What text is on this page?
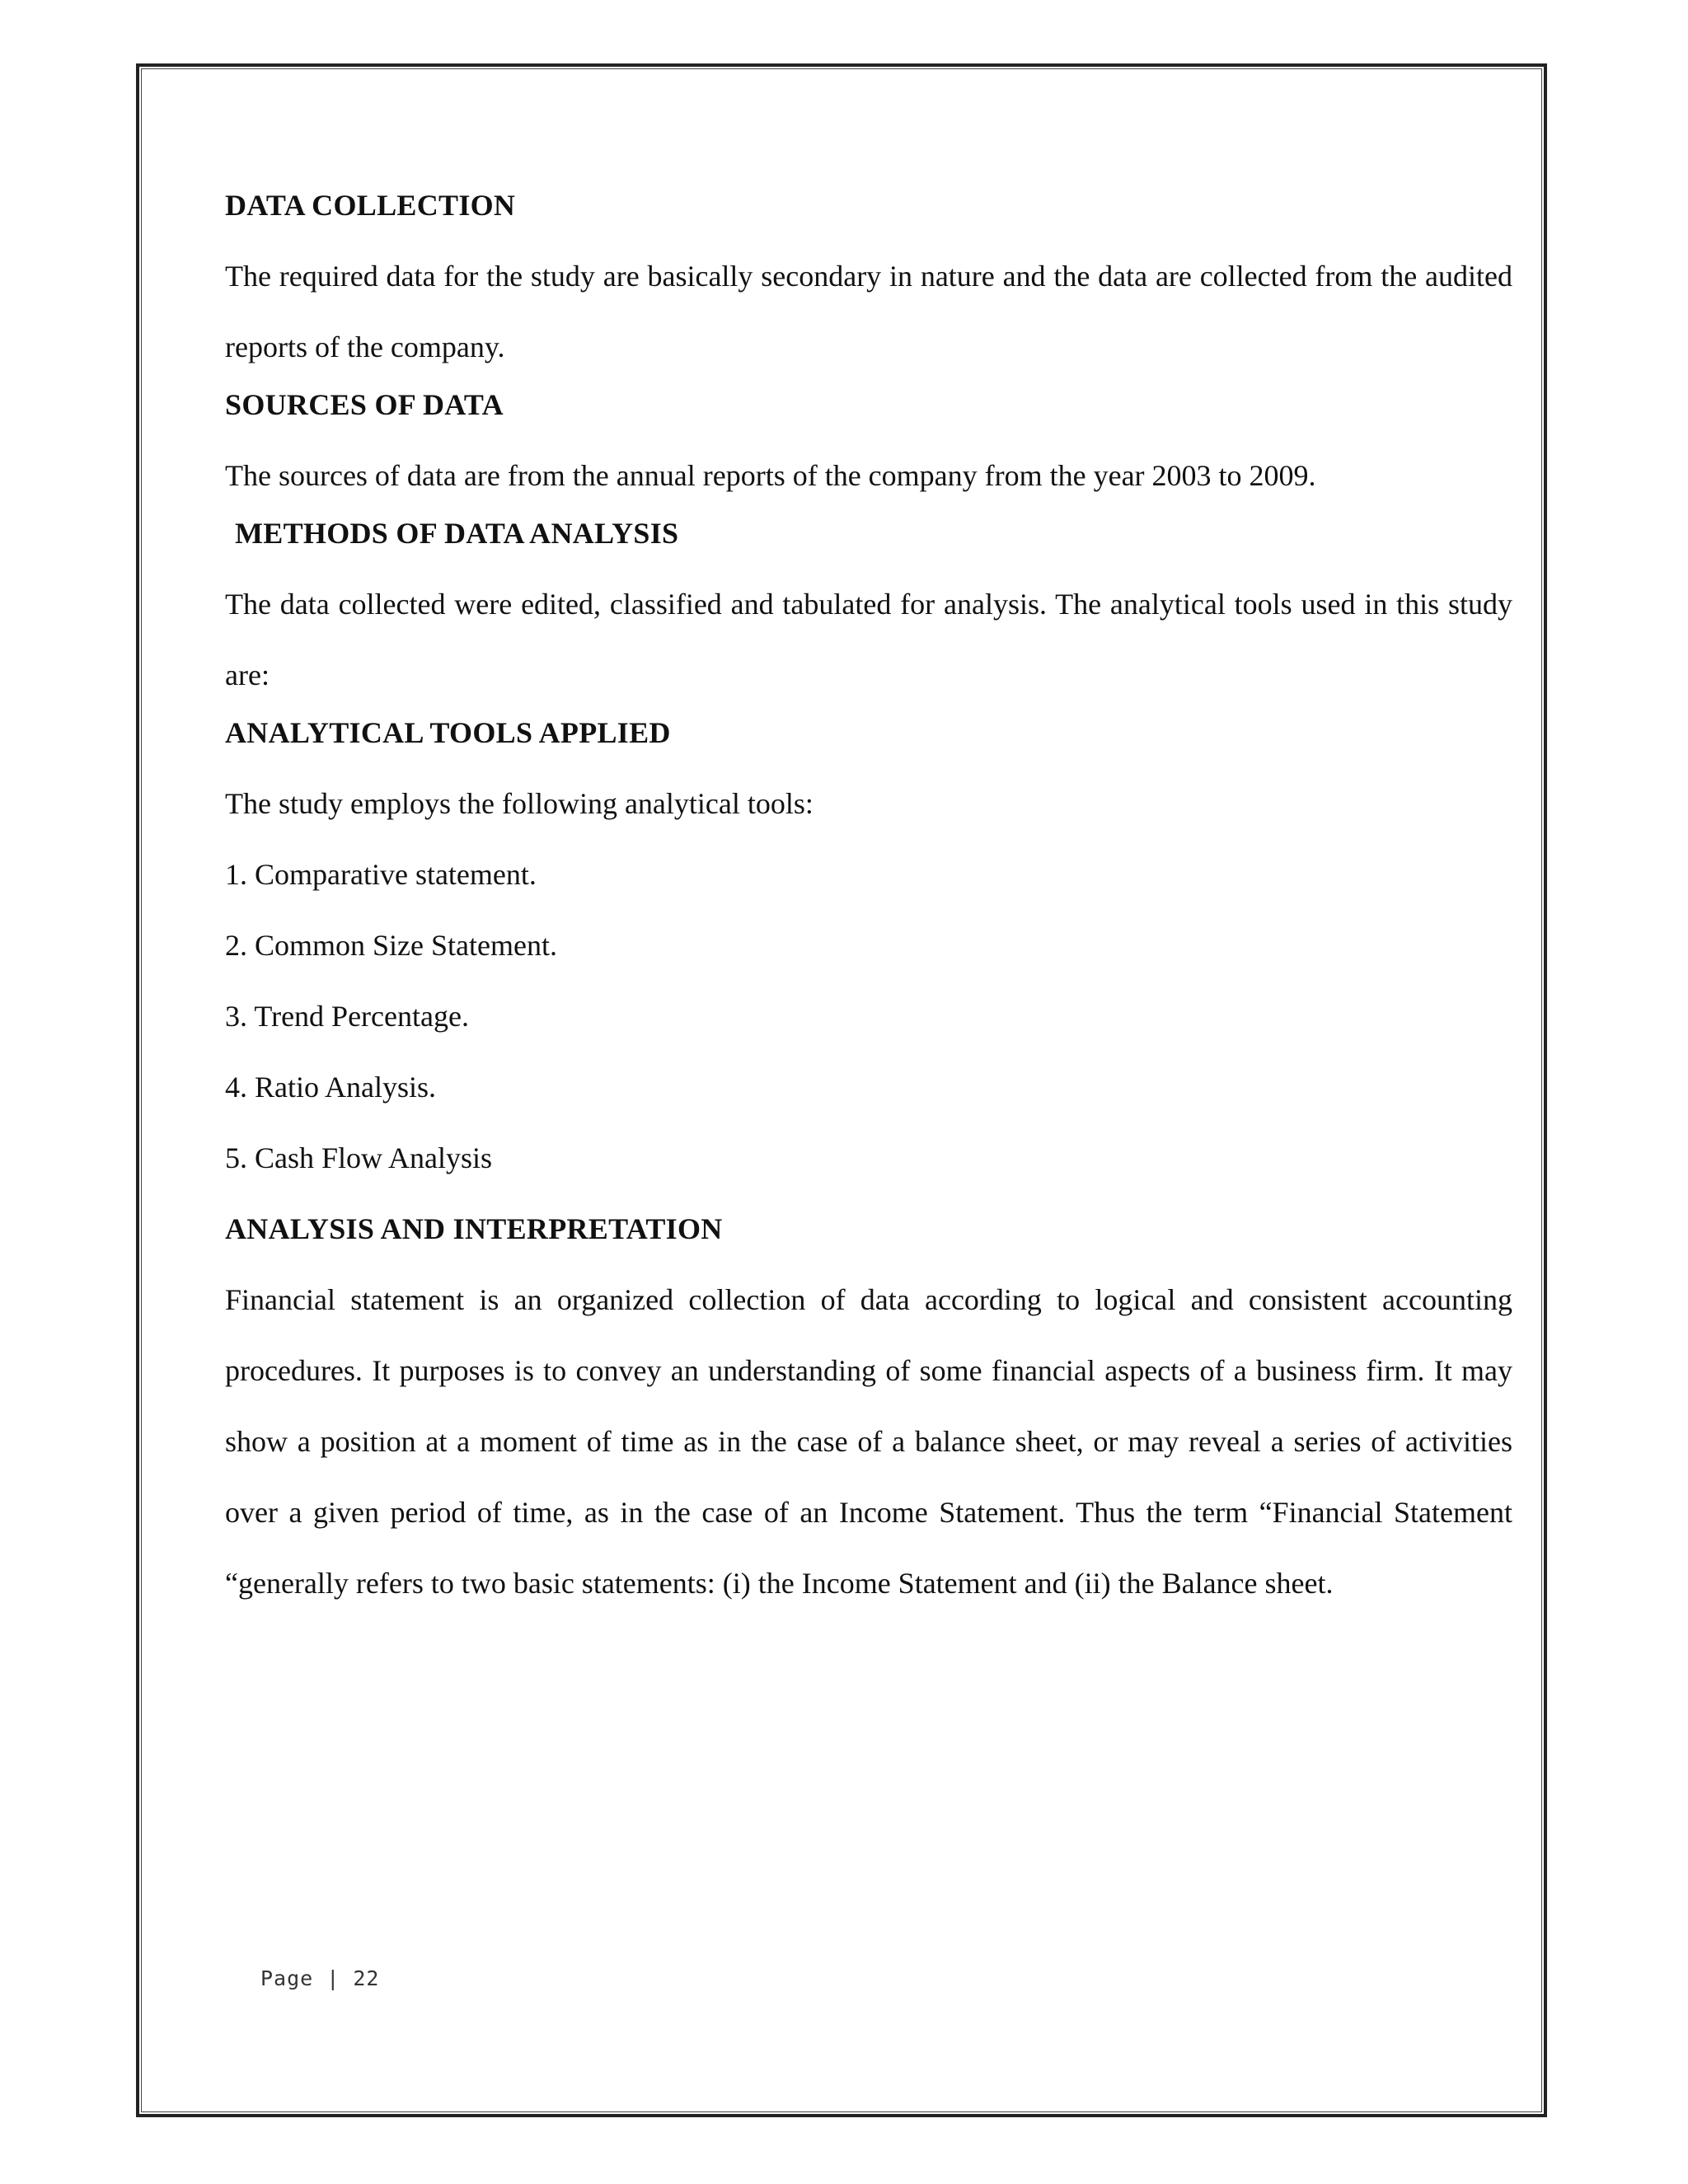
DATA COLLECTION

The required data for the study are basically secondary in nature and the data are collected from the audited reports of the company.

SOURCES OF DATA

The sources of data are from the annual reports of the company from the year 2003 to 2009.

METHODS OF DATA ANALYSIS

The data collected were edited, classified and tabulated for analysis. The analytical tools used in this study are:

ANALYTICAL TOOLS APPLIED

The study employs the following analytical tools:

1. Comparative statement.

2. Common Size Statement.

3. Trend Percentage.

4. Ratio Analysis.

5. Cash Flow Analysis

ANALYSIS AND INTERPRETATION

Financial statement is an organized collection of data according to logical and consistent accounting procedures. It purposes is to convey an understanding of some financial aspects of a business firm. It may show a position at a moment of time as in the case of a balance sheet, or may reveal a series of activities over a given period of time, as in the case of an Income Statement. Thus the term “Financial Statement “generally refers to two basic statements: (i) the Income Statement and (ii) the Balance sheet.

Page | 22
